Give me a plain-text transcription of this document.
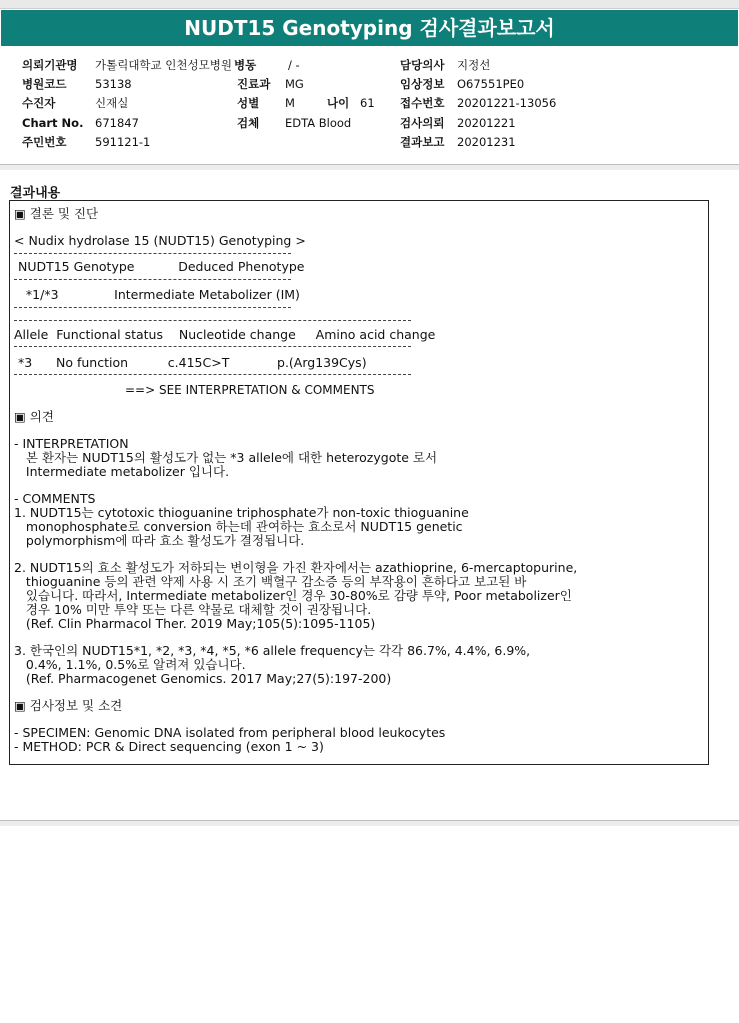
NUDT15 Genotyping 검사결과보고서
의뢰기관명 가톨릭대학교 인천성모병원 병동	/ -	담당의사 지정선
병원코드 53138	진료과 MG	임상정보 O67551PE0
수진자	신재실	성별 M	나이 61 접수번호 20201221-13056
Chart No. 671847	검체 EDTA Blood	검사의뢰 20201221
주민번호 591121-1	결과보고 20201231
결과내용
▣ 결론 및 진단
< Nudix hydrolase 15 (NUDT15) Genotyping >
NUDT15 Genotype           Deduced Phenotype
*1/*3              Intermediate Metabolizer (IM)
Allele  Functional status    Nucleotide change     Amino acid change
*3      No function          c.415C>T            p.(Arg139Cys)
==> SEE INTERPRETATION & COMMENTS
▣ 의견
- INTERPRETATION
본 환자는 NUDT15의 활성도가 없는 *3 allele에 대한 heterozygote 로서
Intermediate metabolizer 입니다.
- COMMENTS
1. NUDT15는 cytotoxic thioguanine triphosphate가 non-toxic thioguanine
monophosphate로 conversion 하는데 관여하는 효소로서 NUDT15 genetic
polymorphism에 따라 효소 활성도가 결정됩니다.
2. NUDT15의 효소 활성도가 저하되는 변이형을 가진 환자에서는 azathioprine, 6-mercaptopurine,
thioguanine 등의 관련 약제 사용 시 조기 백혈구 감소증 등의 부작용이 흔하다고 보고된 바
있습니다. 따라서, Intermediate metabolizer인 경우 30-80%로 감량 투약, Poor metabolizer인
경우 10% 미만 투약 또는 다른 약물로 대체할 것이 권장됩니다.
(Ref. Clin Pharmacol Ther. 2019 May;105(5):1095-1105)
3. 한국인의 NUDT15*1, *2, *3, *4, *5, *6 allele frequency는 각각 86.7%, 4.4%, 6.9%,
0.4%, 1.1%, 0.5%로 알려져 있습니다.
(Ref. Pharmacogenet Genomics. 2017 May;27(5):197-200)
▣ 검사정보 및 소견
- SPECIMEN: Genomic DNA isolated from peripheral blood leukocytes
- METHOD: PCR & Direct sequencing (exon 1 ~ 3)
